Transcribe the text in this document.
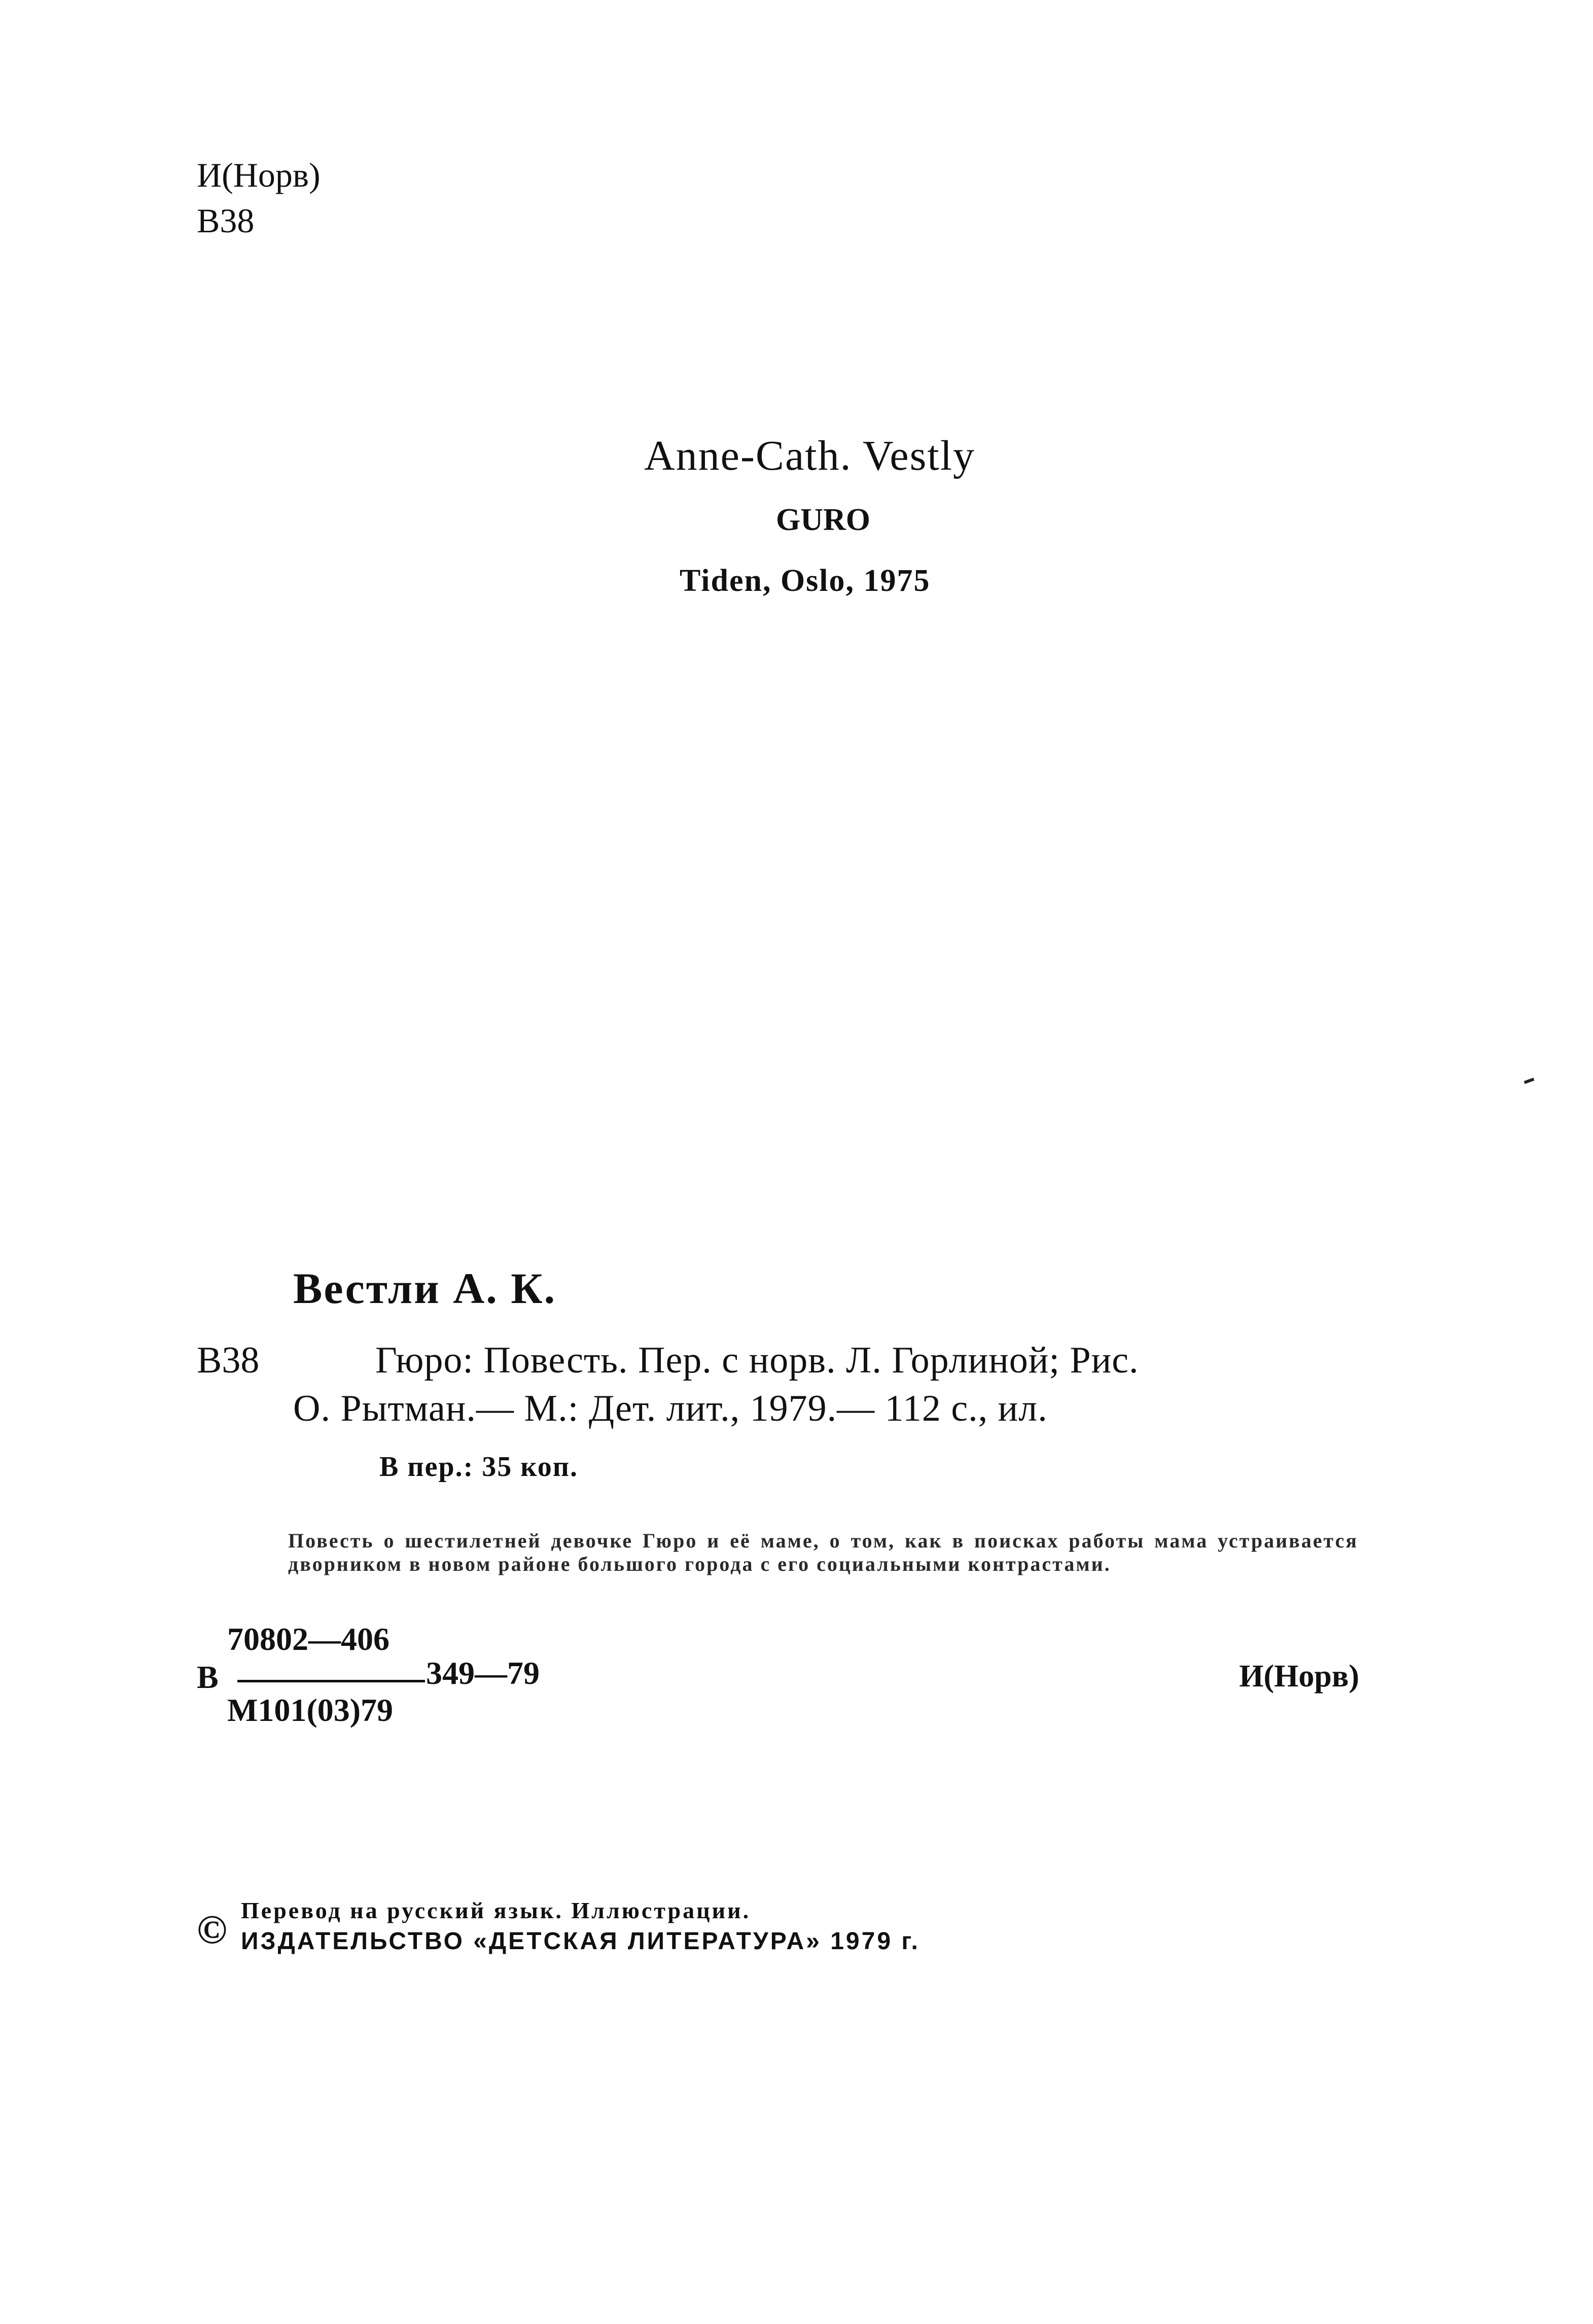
И(Норв)
В38
Anne-Cath. Vestly
GURO
Tiden, Oslo, 1975
Вестли А. К.
В38	Гюро: Повесть. Пер. с норв. Л. Горлиной; Рис.
О. Рытман.— М.: Дет. лит., 1979.— 112 с., ил.
В пер.: 35 коп.
Повесть о шестилетней девочке Гюро и её маме, о том, как в поисках работы мама устраивается дворником в новом районе большого города с его социальными контрастами.
В
70802—406
М101(03)79
349—79	И(Норв)
© Перевод на русский язык. Иллюстрации.
ИЗДАТЕЛЬСТВО «ДЕТСКАЯ ЛИТЕРАТУРА» 1979 г.
